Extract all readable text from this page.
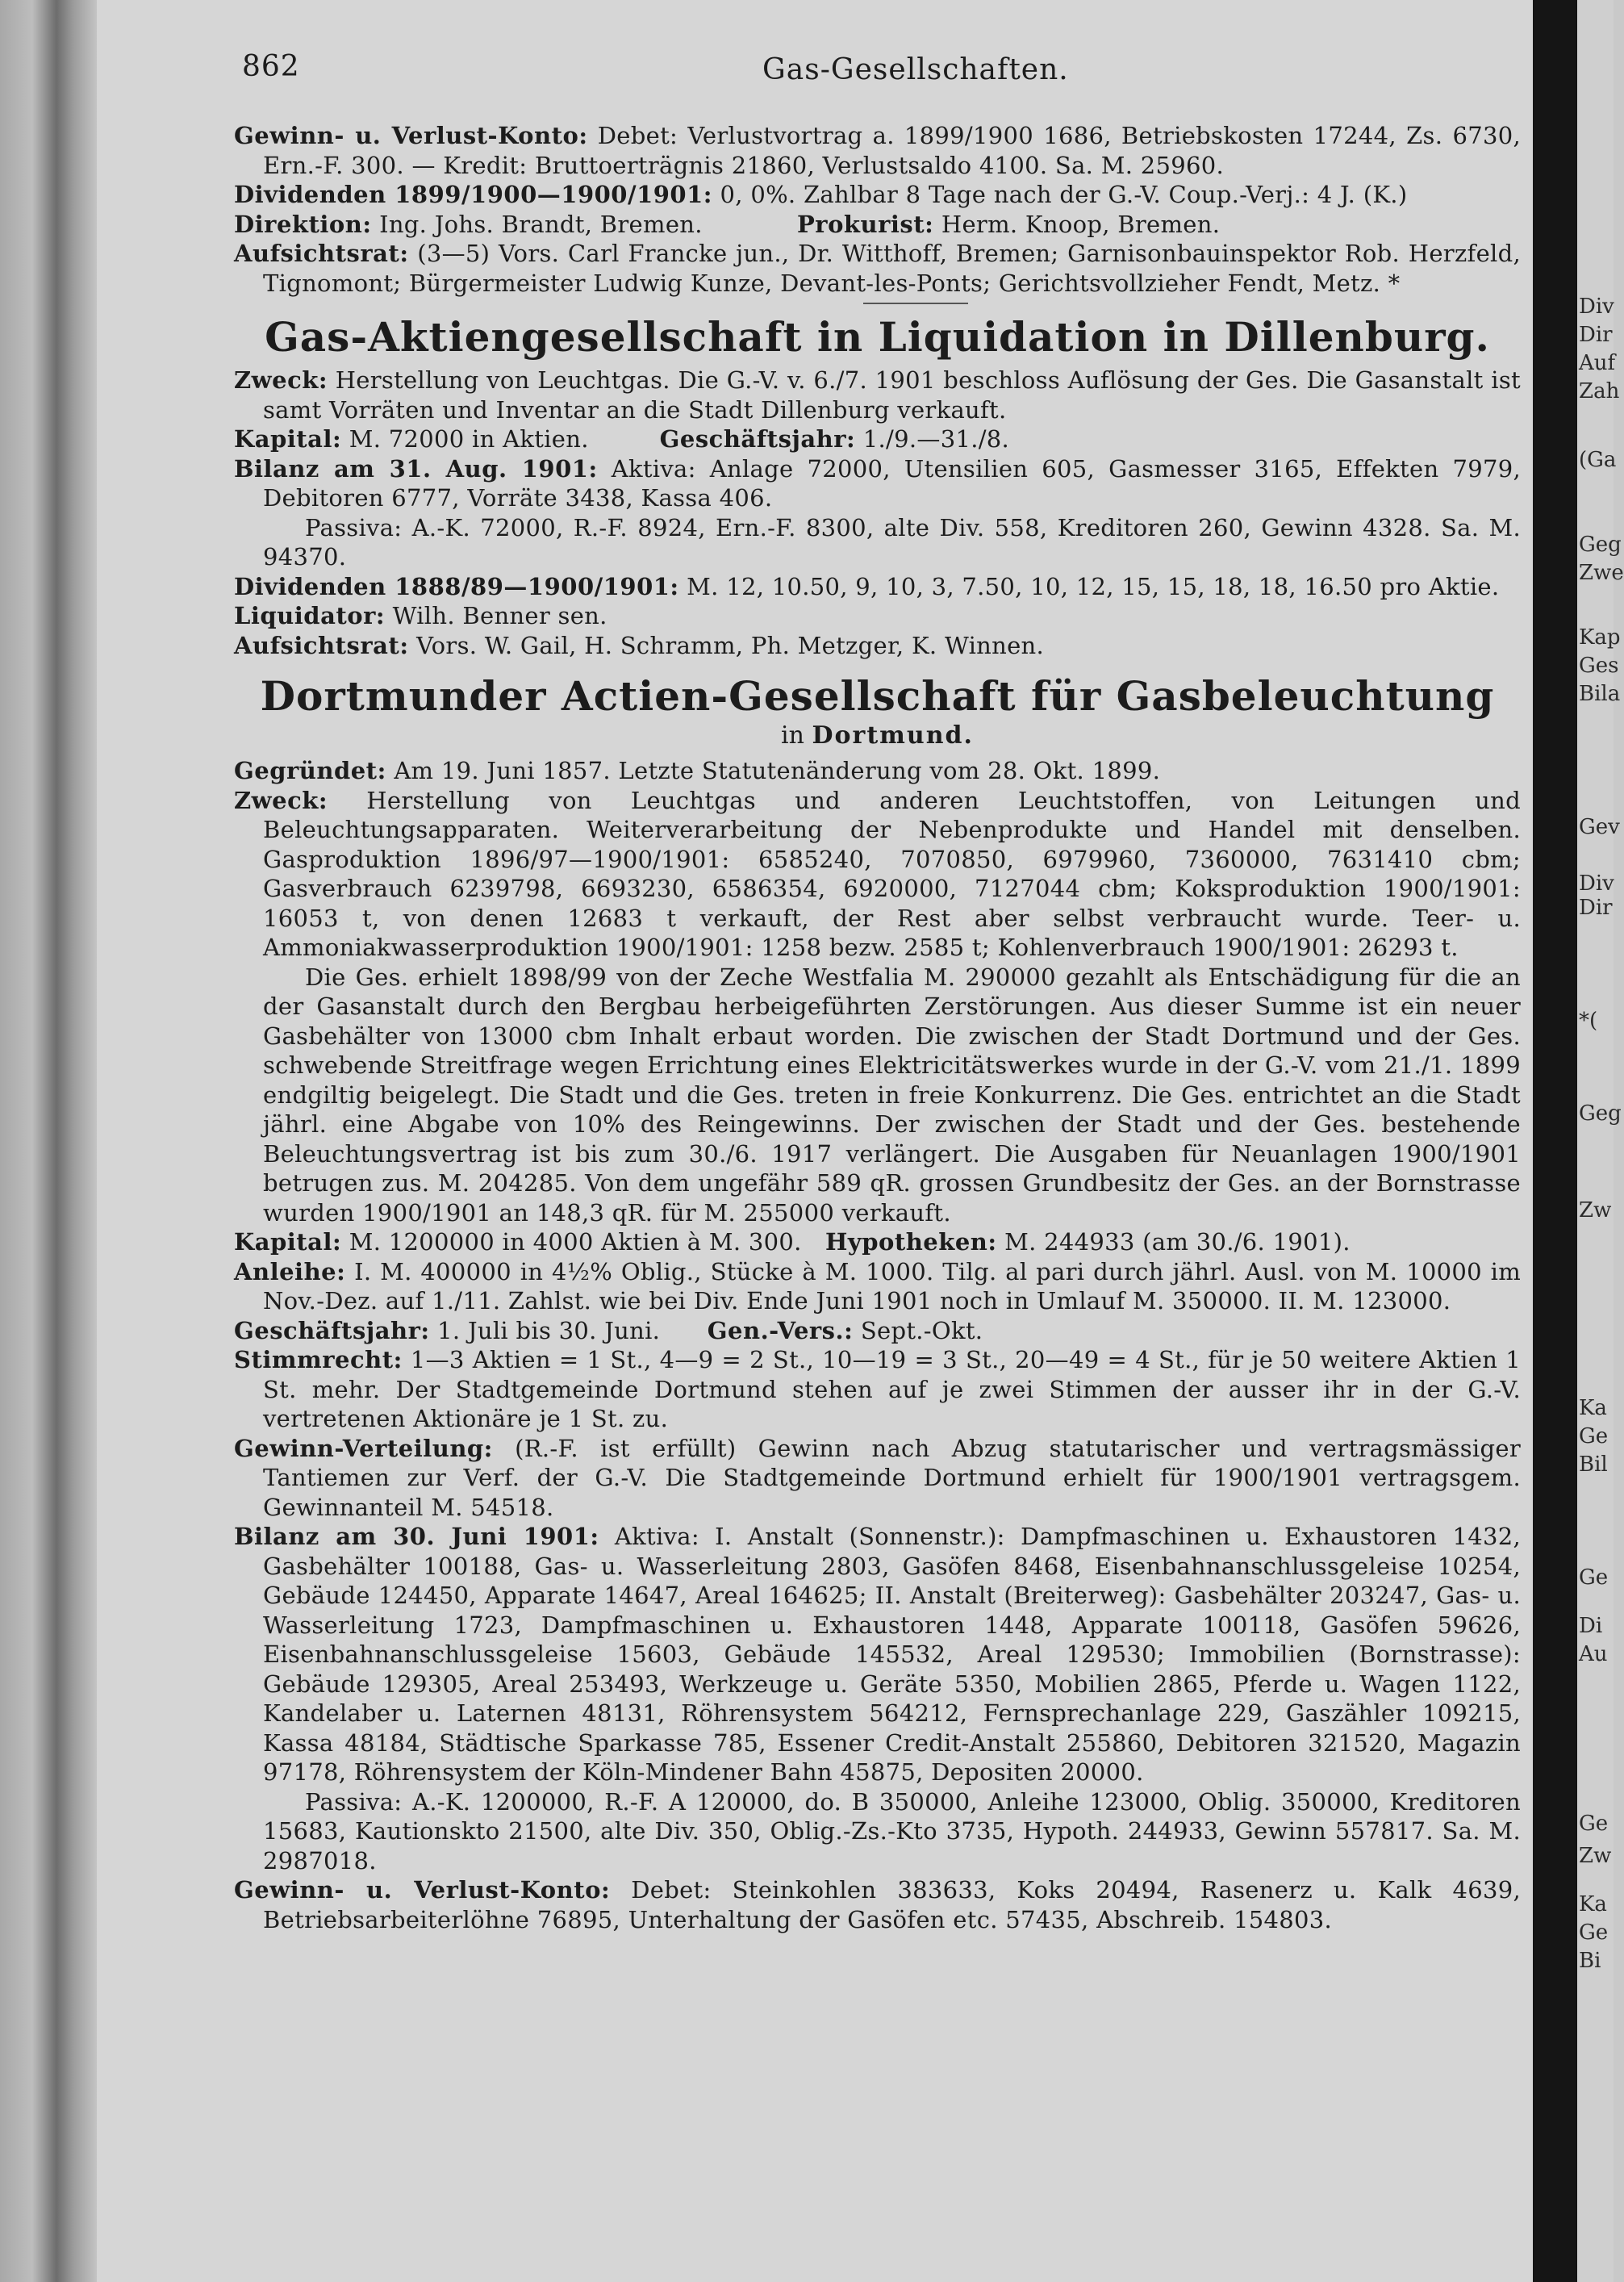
Div
Dir
Auf
Zah
(Ga
Geg
Zwe
Kap
Ges
Bila
Gev
Div
Dir
*(
Geg
Zw
Ka
Ge
Bil
Ge
Di
Au
Ge
Zw
Ka
Ge
Bi
862	Gas-Gesellschaften.

Gewinn- u. Verlust-Konto: Debet: Verlustvortrag a. 1899/1900 1686, Betriebskosten 17244, Zs. 6730, Ern.-F. 300. — Kredit: Bruttoerträgnis 21860, Verlustsaldo 4100. Sa. M. 25960.

Dividenden 1899/1900—1900/1901: 0, 0%. Zahlbar 8 Tage nach der G.-V. Coup.-Verj.: 4 J. (K.)

Direktion: Ing. Johs. Brandt, Bremen.    	Prokurist: Herm. Knoop, Bremen.

Aufsichtsrat: (3—5) Vors. Carl Francke jun., Dr. Witthoff, Bremen; Garnisonbauinspektor Rob. Herzfeld, Tignomont; Bürgermeister Ludwig Kunze, Devant-les-Ponts; Gerichtsvollzieher Fendt, Metz. *

Gas-Aktiengesellschaft in Liquidation in Dillenburg.

Zweck: Herstellung von Leuchtgas. Die G.-V. v. 6./7. 1901 beschloss Auflösung der Ges. Die Gasanstalt ist samt Vorräten und Inventar an die Stadt Dillenburg verkauft.

Kapital: M. 72000 in Aktien.   	Geschäftsjahr: 1./9.—31./8.

Bilanz am 31. Aug. 1901: Aktiva: Anlage 72000, Utensilien 605, Gasmesser 3165, Effekten 7979, Debitoren 6777, Vorräte 3438, Kassa 406.

Passiva: A.-K. 72000, R.-F. 8924, Ern.-F. 8300, alte Div. 558, Kreditoren 260, Gewinn 4328. Sa. M. 94370.

Dividenden 1888/89—1900/1901: M. 12, 10.50, 9, 10, 3, 7.50, 10, 12, 15, 15, 18, 18, 16.50 pro Aktie.

Liquidator: Wilh. Benner sen.

Aufsichtsrat: Vors. W. Gail, H. Schramm, Ph. Metzger, K. Winnen.

Dortmunder Actien-Gesellschaft für Gasbeleuchtung
in Dortmund.

Gegründet: Am 19. Juni 1857. Letzte Statutenänderung vom 28. Okt. 1899.

Zweck: Herstellung von Leuchtgas und anderen Leuchtstoffen, von Leitungen und Beleuchtungsapparaten. Weiterverarbeitung der Nebenprodukte und Handel mit denselben. Gasproduktion 1896/97—1900/1901: 6585240, 7070850, 6979960, 7360000, 7631410 cbm; Gasverbrauch 6239798, 6693230, 6586354, 6920000, 7127044 cbm; Koksproduktion 1900/1901: 16053 t, von denen 12683 t verkauft, der Rest aber selbst verbraucht wurde. Teer- u. Ammoniakwasserproduktion 1900/1901: 1258 bezw. 2585 t; Kohlenverbrauch 1900/1901: 26293 t.

Die Ges. erhielt 1898/99 von der Zeche Westfalia M. 290000 gezahlt als Entschädigung für die an der Gasanstalt durch den Bergbau herbeigeführten Zerstörungen. Aus dieser Summe ist ein neuer Gasbehälter von 13000 cbm Inhalt erbaut worden. Die zwischen der Stadt Dortmund und der Ges. schwebende Streitfrage wegen Errichtung eines Elektricitätswerkes wurde in der G.-V. vom 21./1. 1899 endgiltig beigelegt. Die Stadt und die Ges. treten in freie Konkurrenz. Die Ges. entrichtet an die Stadt jährl. eine Abgabe von 10% des Reingewinns. Der zwischen der Stadt und der Ges. bestehende Beleuchtungsvertrag ist bis zum 30./6. 1917 verlängert. Die Ausgaben für Neuanlagen 1900/1901 betrugen zus. M. 204285. Von dem ungefähr 589 qR. grossen Grundbesitz der Ges. an der Bornstrasse wurden 1900/1901 an 148,3 qR. für M. 255000 verkauft.

Kapital: M. 1200000 in 4000 Aktien à M. 300.  Hypotheken: M. 244933 (am 30./6. 1901).

Anleihe: I. M. 400000 in 4½% Oblig., Stücke à M. 1000. Tilg. al pari durch jährl. Ausl. von M. 10000 im Nov.-Dez. auf 1./11. Zahlst. wie bei Div. Ende Juni 1901 noch in Umlauf M. 350000. II. M. 123000.

Geschäftsjahr: 1. Juli bis 30. Juni.   Gen.-Vers.: Sept.-Okt.

Stimmrecht: 1—3 Aktien = 1 St., 4—9 = 2 St., 10—19 = 3 St., 20—49 = 4 St., für je 50 weitere Aktien 1 St. mehr. Der Stadtgemeinde Dortmund stehen auf je zwei Stimmen der ausser ihr in der G.-V. vertretenen Aktionäre je 1 St. zu.

Gewinn-Verteilung: (R.-F. ist erfüllt) Gewinn nach Abzug statutarischer und vertragsmässiger Tantiemen zur Verf. der G.-V. Die Stadtgemeinde Dortmund erhielt für 1900/1901 vertragsgem. Gewinnanteil M. 54518.

Bilanz am 30. Juni 1901: Aktiva: I. Anstalt (Sonnenstr.): Dampfmaschinen u. Exhaustoren 1432, Gasbehälter 100188, Gas- u. Wasserleitung 2803, Gasöfen 8468, Eisenbahnanschlussgeleise 10254, Gebäude 124450, Apparate 14647, Areal 164625; II. Anstalt (Breiterweg): Gasbehälter 203247, Gas- u. Wasserleitung 1723, Dampfmaschinen u. Exhaustoren 1448, Apparate 100118, Gasöfen 59626, Eisenbahnanschlussgeleise 15603, Gebäude 145532, Areal 129530; Immobilien (Bornstrasse): Gebäude 129305, Areal 253493, Werkzeuge u. Geräte 5350, Mobilien 2865, Pferde u. Wagen 1122, Kandelaber u. Laternen 48131, Röhrensystem 564212, Fernsprechanlage 229, Gaszähler 109215, Kassa 48184, Städtische Sparkasse 785, Essener Credit-Anstalt 255860, Debitoren 321520, Magazin 97178, Röhrensystem der Köln-Mindener Bahn 45875, Depositen 20000.

Passiva: A.-K. 1200000, R.-F. A 120000, do. B 350000, Anleihe 123000, Oblig. 350000, Kreditoren 15683, Kautionskto 21500, alte Div. 350, Oblig.-Zs.-Kto 3735, Hypoth. 244933, Gewinn 557817. Sa. M. 2987018.

Gewinn- u. Verlust-Konto: Debet: Steinkohlen 383633, Koks 20494, Rasenerz u. Kalk 4639, Betriebsarbeiterlöhne 76895, Unterhaltung der Gasöfen etc. 57435, Abschreib. 154803.
